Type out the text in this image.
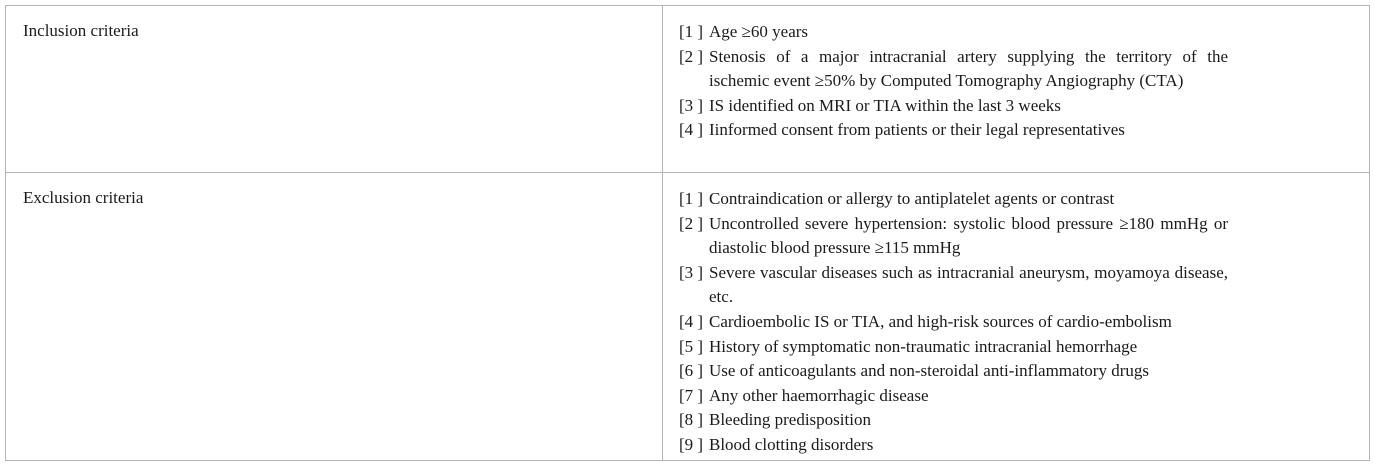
Inclusion criteria	[1 ] Age ≥60 years
[2 ] Stenosis of a major intracranial artery supplying the territory of the ischemic event ≥50% by Computed Tomography Angiography (CTA)
[3 ] IS identified on MRI or TIA within the last 3 weeks
[4 ] Iinformed consent from patients or their legal representatives
Exclusion criteria	[1 ] Contraindication or allergy to antiplatelet agents or contrast
[2 ] Uncontrolled severe hypertension: systolic blood pressure ≥180 mmHg or diastolic blood pressure ≥115 mmHg
[3 ] Severe vascular diseases such as intracranial aneurysm, moyamoya disease, etc.
[4 ] Cardioembolic IS or TIA, and high-risk sources of cardio-embolism
[5 ] History of symptomatic non-traumatic intracranial hemorrhage
[6 ] Use of anticoagulants and non-steroidal anti-inflammatory drugs
[7 ] Any other haemorrhagic disease
[8 ] Bleeding predisposition
[9 ] Blood clotting disorders
